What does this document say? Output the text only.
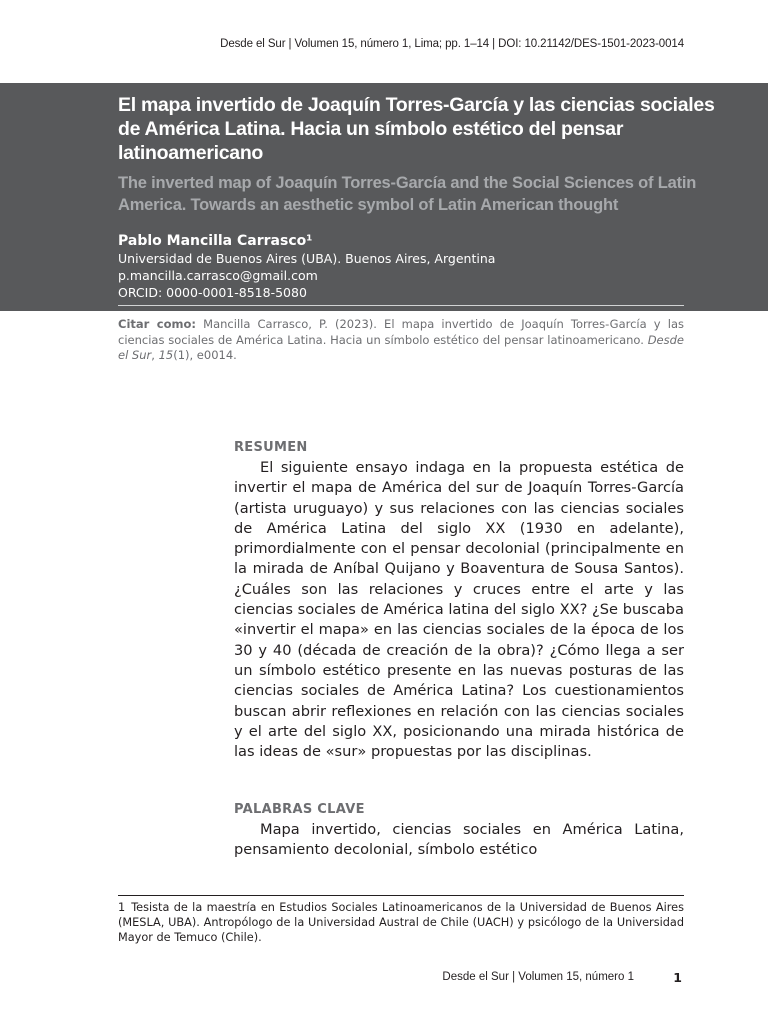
Desde el Sur | Volumen 15, número 1, Lima; pp. 1–14 | DOI: 10.21142/DES-1501-2023-0014
El mapa invertido de Joaquín Torres-García y las ciencias sociales de América Latina. Hacia un símbolo estético del pensar latinoamericano
The inverted map of Joaquín Torres-García and the Social Sciences of Latin America. Towards an aesthetic symbol of Latin American thought
Pablo Mancilla Carrasco¹
Universidad de Buenos Aires (UBA). Buenos Aires, Argentina
p.mancilla.carrasco@gmail.com
ORCID: 0000-0001-8518-5080
Citar como: Mancilla Carrasco, P. (2023). El mapa invertido de Joaquín Torres-García y las ciencias sociales de América Latina. Hacia un símbolo estético del pensar latinoamericano. Desde el Sur, 15(1), e0014.
RESUMEN

El siguiente ensayo indaga en la propuesta estética de invertir el mapa de América del sur de Joaquín Torres-García (artista uruguayo) y sus relaciones con las ciencias sociales de América Latina del siglo XX (1930 en adelante), primordialmente con el pensar decolonial (principalmente en la mirada de Aníbal Quijano y Boaventura de Sousa Santos). ¿Cuáles son las relaciones y cruces entre el arte y las ciencias sociales de América latina del siglo XX? ¿Se buscaba «invertir el mapa» en las ciencias sociales de la época de los 30 y 40 (década de creación de la obra)? ¿Cómo llega a ser un símbolo estético presente en las nuevas posturas de las ciencias sociales de América Latina? Los cuestionamientos buscan abrir reflexiones en relación con las ciencias sociales y el arte del siglo XX, posicionando una mirada histórica de las ideas de «sur» propuestas por las disciplinas.

PALABRAS CLAVE

Mapa invertido, ciencias sociales en América Latina, pensamiento decolonial, símbolo estético

1 Tesista de la maestría en Estudios Sociales Latinoamericanos de la Universidad de Buenos Aires (MESLA, UBA). Antropólogo de la Universidad Austral de Chile (UACH) y psicólogo de la Universidad Mayor de Temuco (Chile).
Desde el Sur | Volumen 15, número 1	1
